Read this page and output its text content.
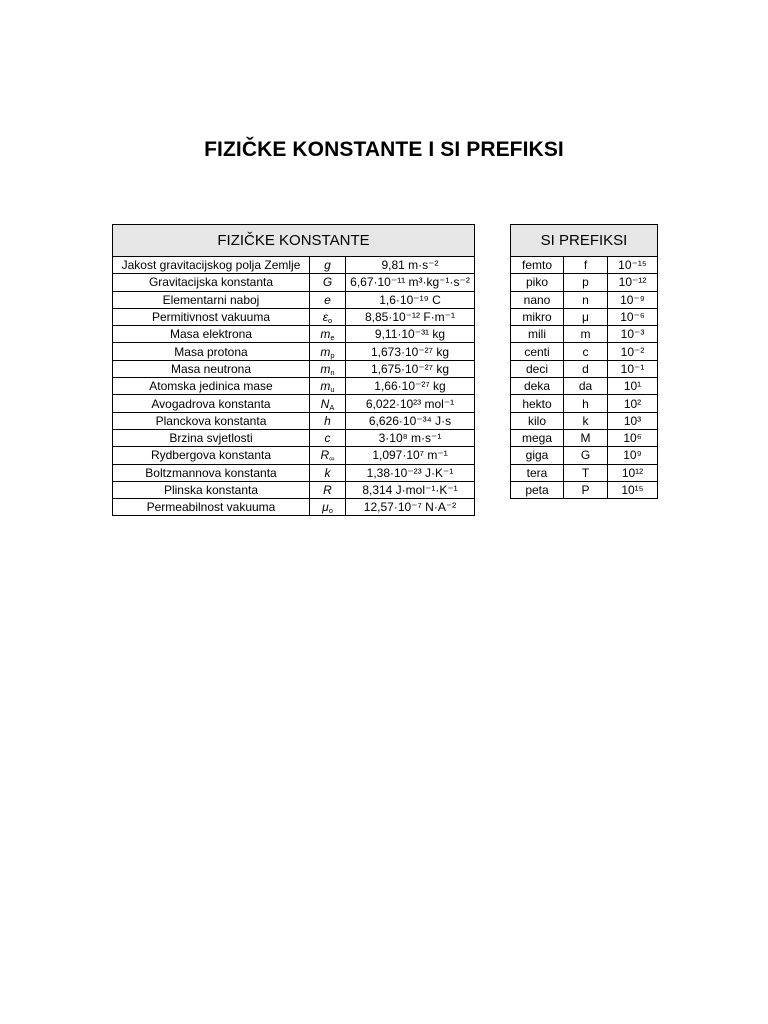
FIZIČKE KONSTANTE I SI PREFIKSI
FIZIČKE KONSTANTE		
Jakost gravitacijskog polja Zemlje	g	9,81 m·s⁻²
Gravitacijska konstanta	G	6,67·10⁻¹¹ m³·kg⁻¹·s⁻²
Elementarni naboj	e	1,6·10⁻¹⁹ C
Permitivnost vakuuma	$\varepsilon_o$	8,85·10⁻¹² F·m⁻¹
Masa elektrona	$m_e$	9,11·10⁻³¹ kg
Masa protona	$m_p$	1,673·10⁻²⁷ kg
Masa neutrona	$m_n$	1,675·10⁻²⁷ kg
Atomska jedinica mase	$m_u$	1,66·10⁻²⁷ kg
Avogadrova konstanta	$N_A$	6,022·10²³ mol⁻¹
Planckova konstanta	h	6,626·10⁻³⁴ J·s
Brzina svjetlosti	c	3·10⁸ m·s⁻¹
Rydbergova konstanta	$R_\infty$	1,097·10⁷ m⁻¹
Boltzmannova konstanta	k	1,38·10⁻²³ J·K⁻¹
Plinska konstanta	R	8,314 J·mol⁻¹·K⁻¹
Permeabilnost vakuuma	$\mu_o$	12,57·10⁻⁷ N·A⁻²
SI PREFIKSI		
femto	f	10⁻¹⁵
piko	p	10⁻¹²
nano	n	10⁻⁹
mikro	μ	10⁻⁶
mili	m	10⁻³
centi	c	10⁻²
deci	d	10⁻¹
deka	da	10¹
hekto	h	10²
kilo	k	10³
mega	M	10⁶
giga	G	10⁹
tera	T	10¹²
peta	P	10¹⁵
